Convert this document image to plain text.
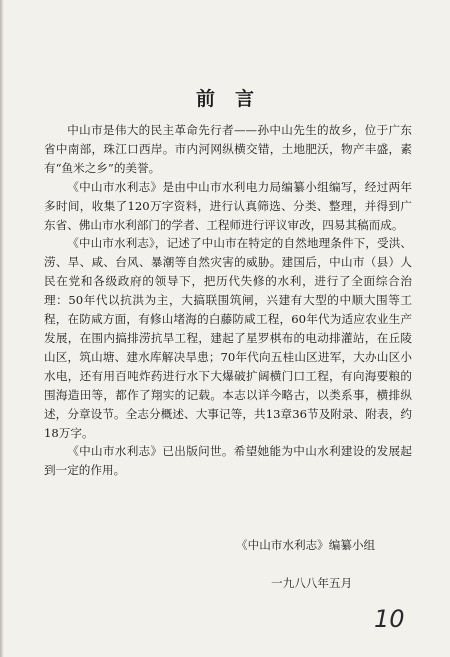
前言

中山市是伟大的民主革命先行者——孙中山先生的故乡，位于广东省中南部，珠江口西岸。市内河网纵横交错，土地肥沃，物产丰盛，素有“鱼米之乡”的美誉。

《中山市水利志》是由中山市水利电力局编纂小组编写，经过两年多时间，收集了120万字资料，进行认真筛选、分类、整理，并得到广东省、佛山市水利部门的学者、工程师进行评议审改，四易其稿而成。

《中山市水利志》，记述了中山市在特定的自然地理条件下，受洪、涝、旱、咸、台风、暴潮等自然灾害的威胁。建国后，中山市（县）人民在党和各级政府的领导下，把历代失修的水利，进行了全面综合治理：50年代以抗洪为主，大搞联围筑闸，兴建有大型的中顺大围等工程，在防咸方面，有修山堵海的白藤防咸工程，60年代为适应农业生产发展，在围内搞排涝抗旱工程，建起了星罗棋布的电动排灌站，在丘陵山区，筑山塘、建水库解决旱患；70年代向五桂山区进军，大办山区小水电，还有用百吨炸药进行水下大爆破扩阔横门口工程，有向海要粮的围海造田等，都作了翔实的记载。本志以详今略古，以类系事，横排纵述，分章设节。全志分概述、大事记等，共13章36节及附录、附表，约18万字。

《中山市水利志》已出版问世。希望她能为中山水利建设的发展起到一定的作用。

《中山市水利志》编纂小组
一九八八年五月
10
